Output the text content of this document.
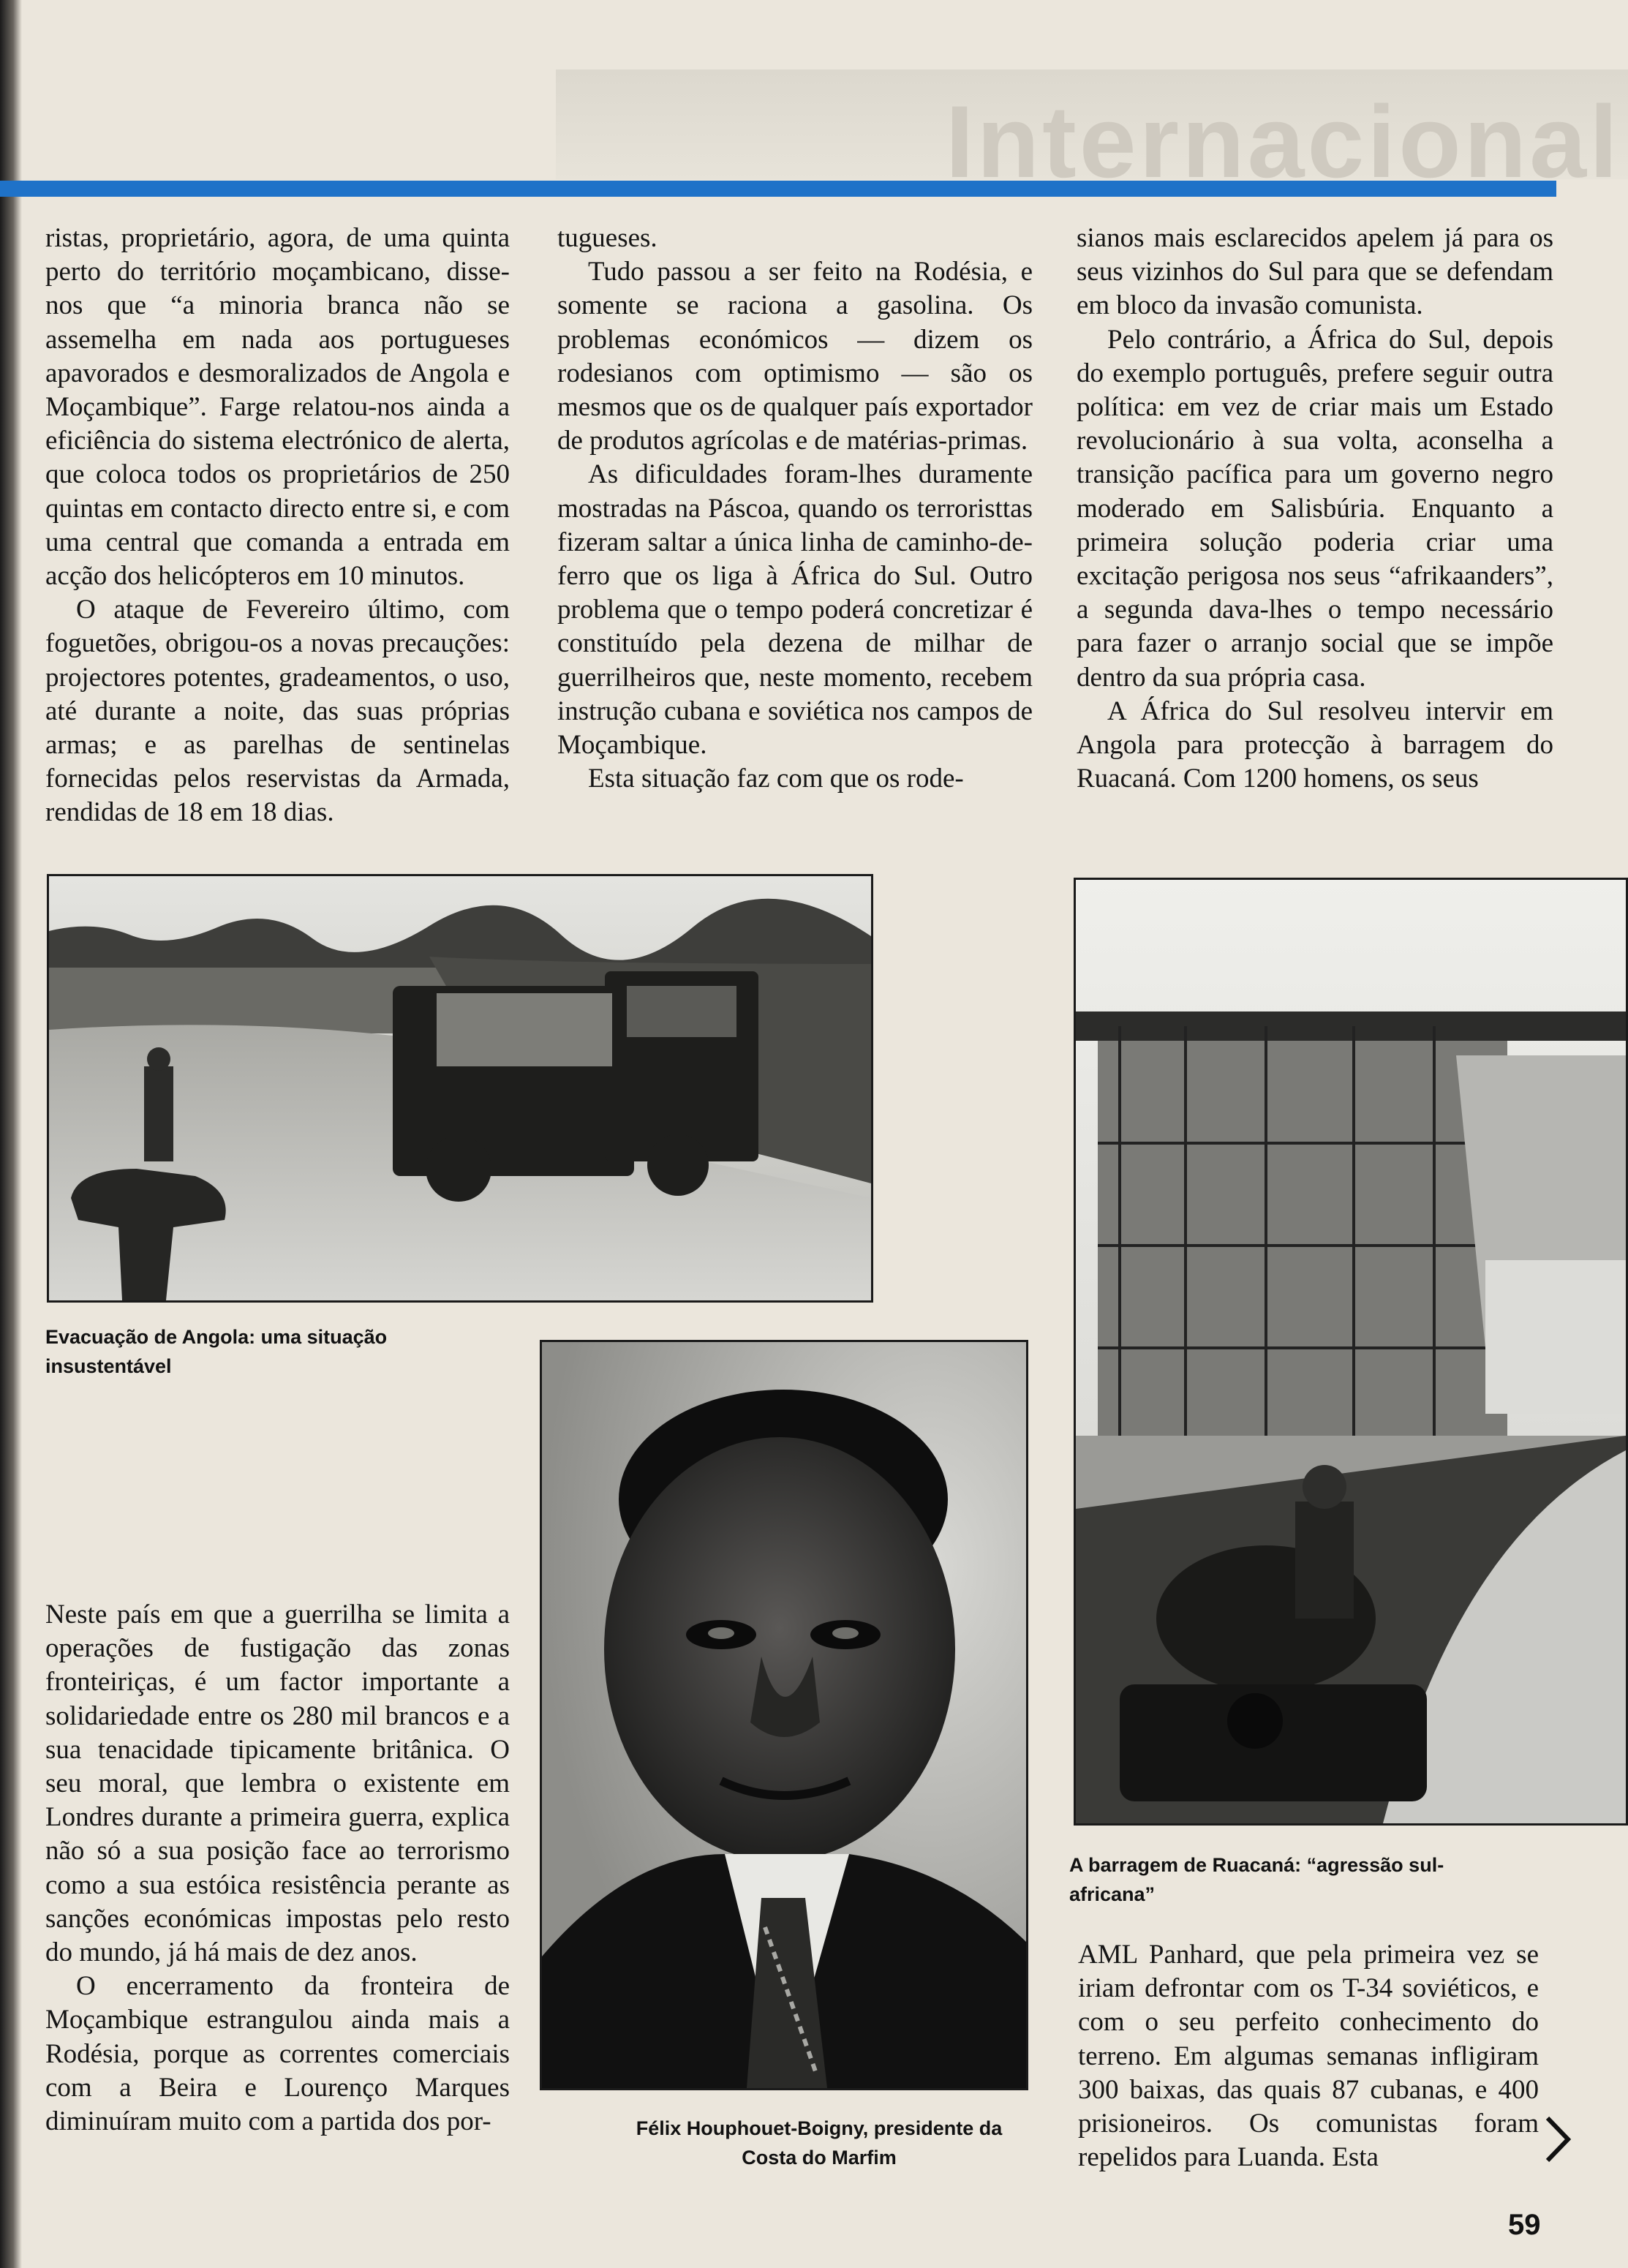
Internacional

ristas, proprietário, agora, de uma quinta perto do território moçambicano, disse-nos que “a minoria branca não se assemelha em nada aos portugueses apavorados e desmoralizados de Angola e Moçambique”. Farge relatou-nos ainda a eficiência do sistema electrónico de alerta, que coloca todos os proprietários de 250 quintas em contacto directo entre si, e com uma central que comanda a entrada em acção dos helicópteros em 10 minutos.

O ataque de Fevereiro último, com foguetões, obrigou-os a novas precauções: projectores potentes, gradeamentos, o uso, até durante a noite, das suas próprias armas; e as parelhas de sentinelas fornecidas pelos reservistas da Armada, rendidas de 18 em 18 dias.

tugueses.

Tudo passou a ser feito na Rodésia, e somente se raciona a gasolina. Os problemas económicos — dizem os rodesianos com optimismo — são os mesmos que os de qualquer país exportador de produtos agrícolas e de matérias-primas.

As dificuldades foram-lhes duramente mostradas na Páscoa, quando os terroristtas fizeram saltar a única linha de caminho-de-ferro que os liga à África do Sul. Outro problema que o tempo poderá concretizar é constituído pela dezena de milhar de guerrilheiros que, neste momento, recebem instrução cubana e soviética nos campos de Moçambique.

Esta situação faz com que os rode-

sianos mais esclarecidos apelem já para os seus vizinhos do Sul para que se defendam em bloco da invasão comunista.

Pelo contrário, a África do Sul, depois do exemplo português, prefere seguir outra política: em vez de criar mais um Estado revolucionário à sua volta, aconselha a transição pacífica para um governo negro moderado em Salisbúria. Enquanto a primeira solução poderia criar uma excitação perigosa nos seus “afrikaanders”, a segunda dava-lhes o tempo necessário para fazer o arranjo social que se impõe dentro da sua própria casa.

A África do Sul resolveu intervir em Angola para protecção à barragem do Ruacaná. Com 1200 homens, os seus

Evacuação de Angola: uma situação insustentável
Félix Houphouet-Boigny, presidente da Costa do Marfim
A barragem de Ruacaná: “agressão sul-africana”

Neste país em que a guerrilha se limita a operações de fustigação das zonas fronteiriças, é um factor importante a solidariedade entre os 280 mil brancos e a sua tenacidade tipicamente britânica. O seu moral, que lembra o existente em Londres durante a primeira guerra, explica não só a sua posição face ao terrorismo como a sua estóica resistência perante as sanções económicas impostas pelo resto do mundo, já há mais de dez anos.

O encerramento da fronteira de Moçambique estrangulou ainda mais a Rodésia, porque as correntes comerciais com a Beira e Lourenço Marques diminuíram muito com a partida dos por-

AML Panhard, que pela primeira vez se iriam defrontar com os T-34 soviéticos, e com o seu perfeito conhecimento do terreno. Em algumas semanas infligiram 300 baixas, das quais 87 cubanas, e 400 prisioneiros. Os comunistas foram repelidos para Luanda. Esta

59
